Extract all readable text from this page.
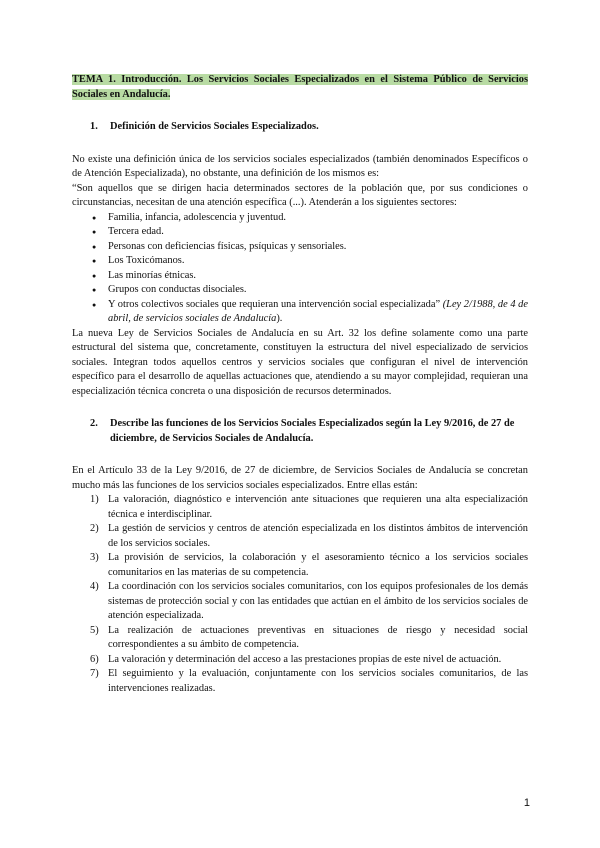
TEMA 1. Introducción. Los Servicios Sociales Especializados en el Sistema Público de Servicios Sociales en Andalucía.
1.	Definición de Servicios Sociales Especializados.

No existe una definición única de los servicios sociales especializados (también denominados Específicos o de Atención Especializada), no obstante, una definición de los mismos es:

“Son aquellos que se dirigen hacia determinados sectores de la población que, por sus condiciones o circunstancias, necesitan de una atención específica (...). Atenderán a los siguientes sectores:

●	Familia, infancia, adolescencia y juventud.
●	Tercera edad.
●	Personas con deficiencias físicas, psíquicas y sensoriales.
●	Los Toxicómanos.
●	Las minorías étnicas.
●	Grupos con conductas disociales.
●	Y otros colectivos sociales que requieran una intervención social especializada” (Ley 2/1988, de 4 de abril, de servicios sociales de Andalucía).

La nueva Ley de Servicios Sociales de Andalucía en su Art. 32 los define solamente como una parte estructural del sistema que, concretamente, constituyen la estructura del nivel especializado de servicios sociales. Integran todos aquellos centros y servicios sociales que configuran el nivel de intervención específico para el desarrollo de aquellas actuaciones que, atendiendo a su mayor complejidad, requieran una especialización técnica concreta o una disposición de recursos determinados.

2.	Describe las funciones de los Servicios Sociales Especializados según la Ley 9/2016, de 27 de diciembre, de Servicios Sociales de Andalucía.

En el Artículo 33 de la Ley 9/2016, de 27 de diciembre, de Servicios Sociales de Andalucía se concretan mucho más las funciones de los servicios sociales especializados. Entre ellas están:

1) La valoración, diagnóstico e intervención ante situaciones que requieren una alta especialización técnica e interdisciplinar.
2) La gestión de servicios y centros de atención especializada en los distintos ámbitos de intervención de los servicios sociales.
3) La provisión de servicios, la colaboración y el asesoramiento técnico a los servicios sociales comunitarios en las materias de su competencia.
4) La coordinación con los servicios sociales comunitarios, con los equipos profesionales de los demás sistemas de protección social y con las entidades que actúan en el ámbito de los servicios sociales de atención especializada.
5) La realización de actuaciones preventivas en situaciones de riesgo y necesidad social correspondientes a su ámbito de competencia.
6) La valoración y determinación del acceso a las prestaciones propias de este nivel de actuación.
7) El seguimiento y la evaluación, conjuntamente con los servicios sociales comunitarios, de las intervenciones realizadas.
1
